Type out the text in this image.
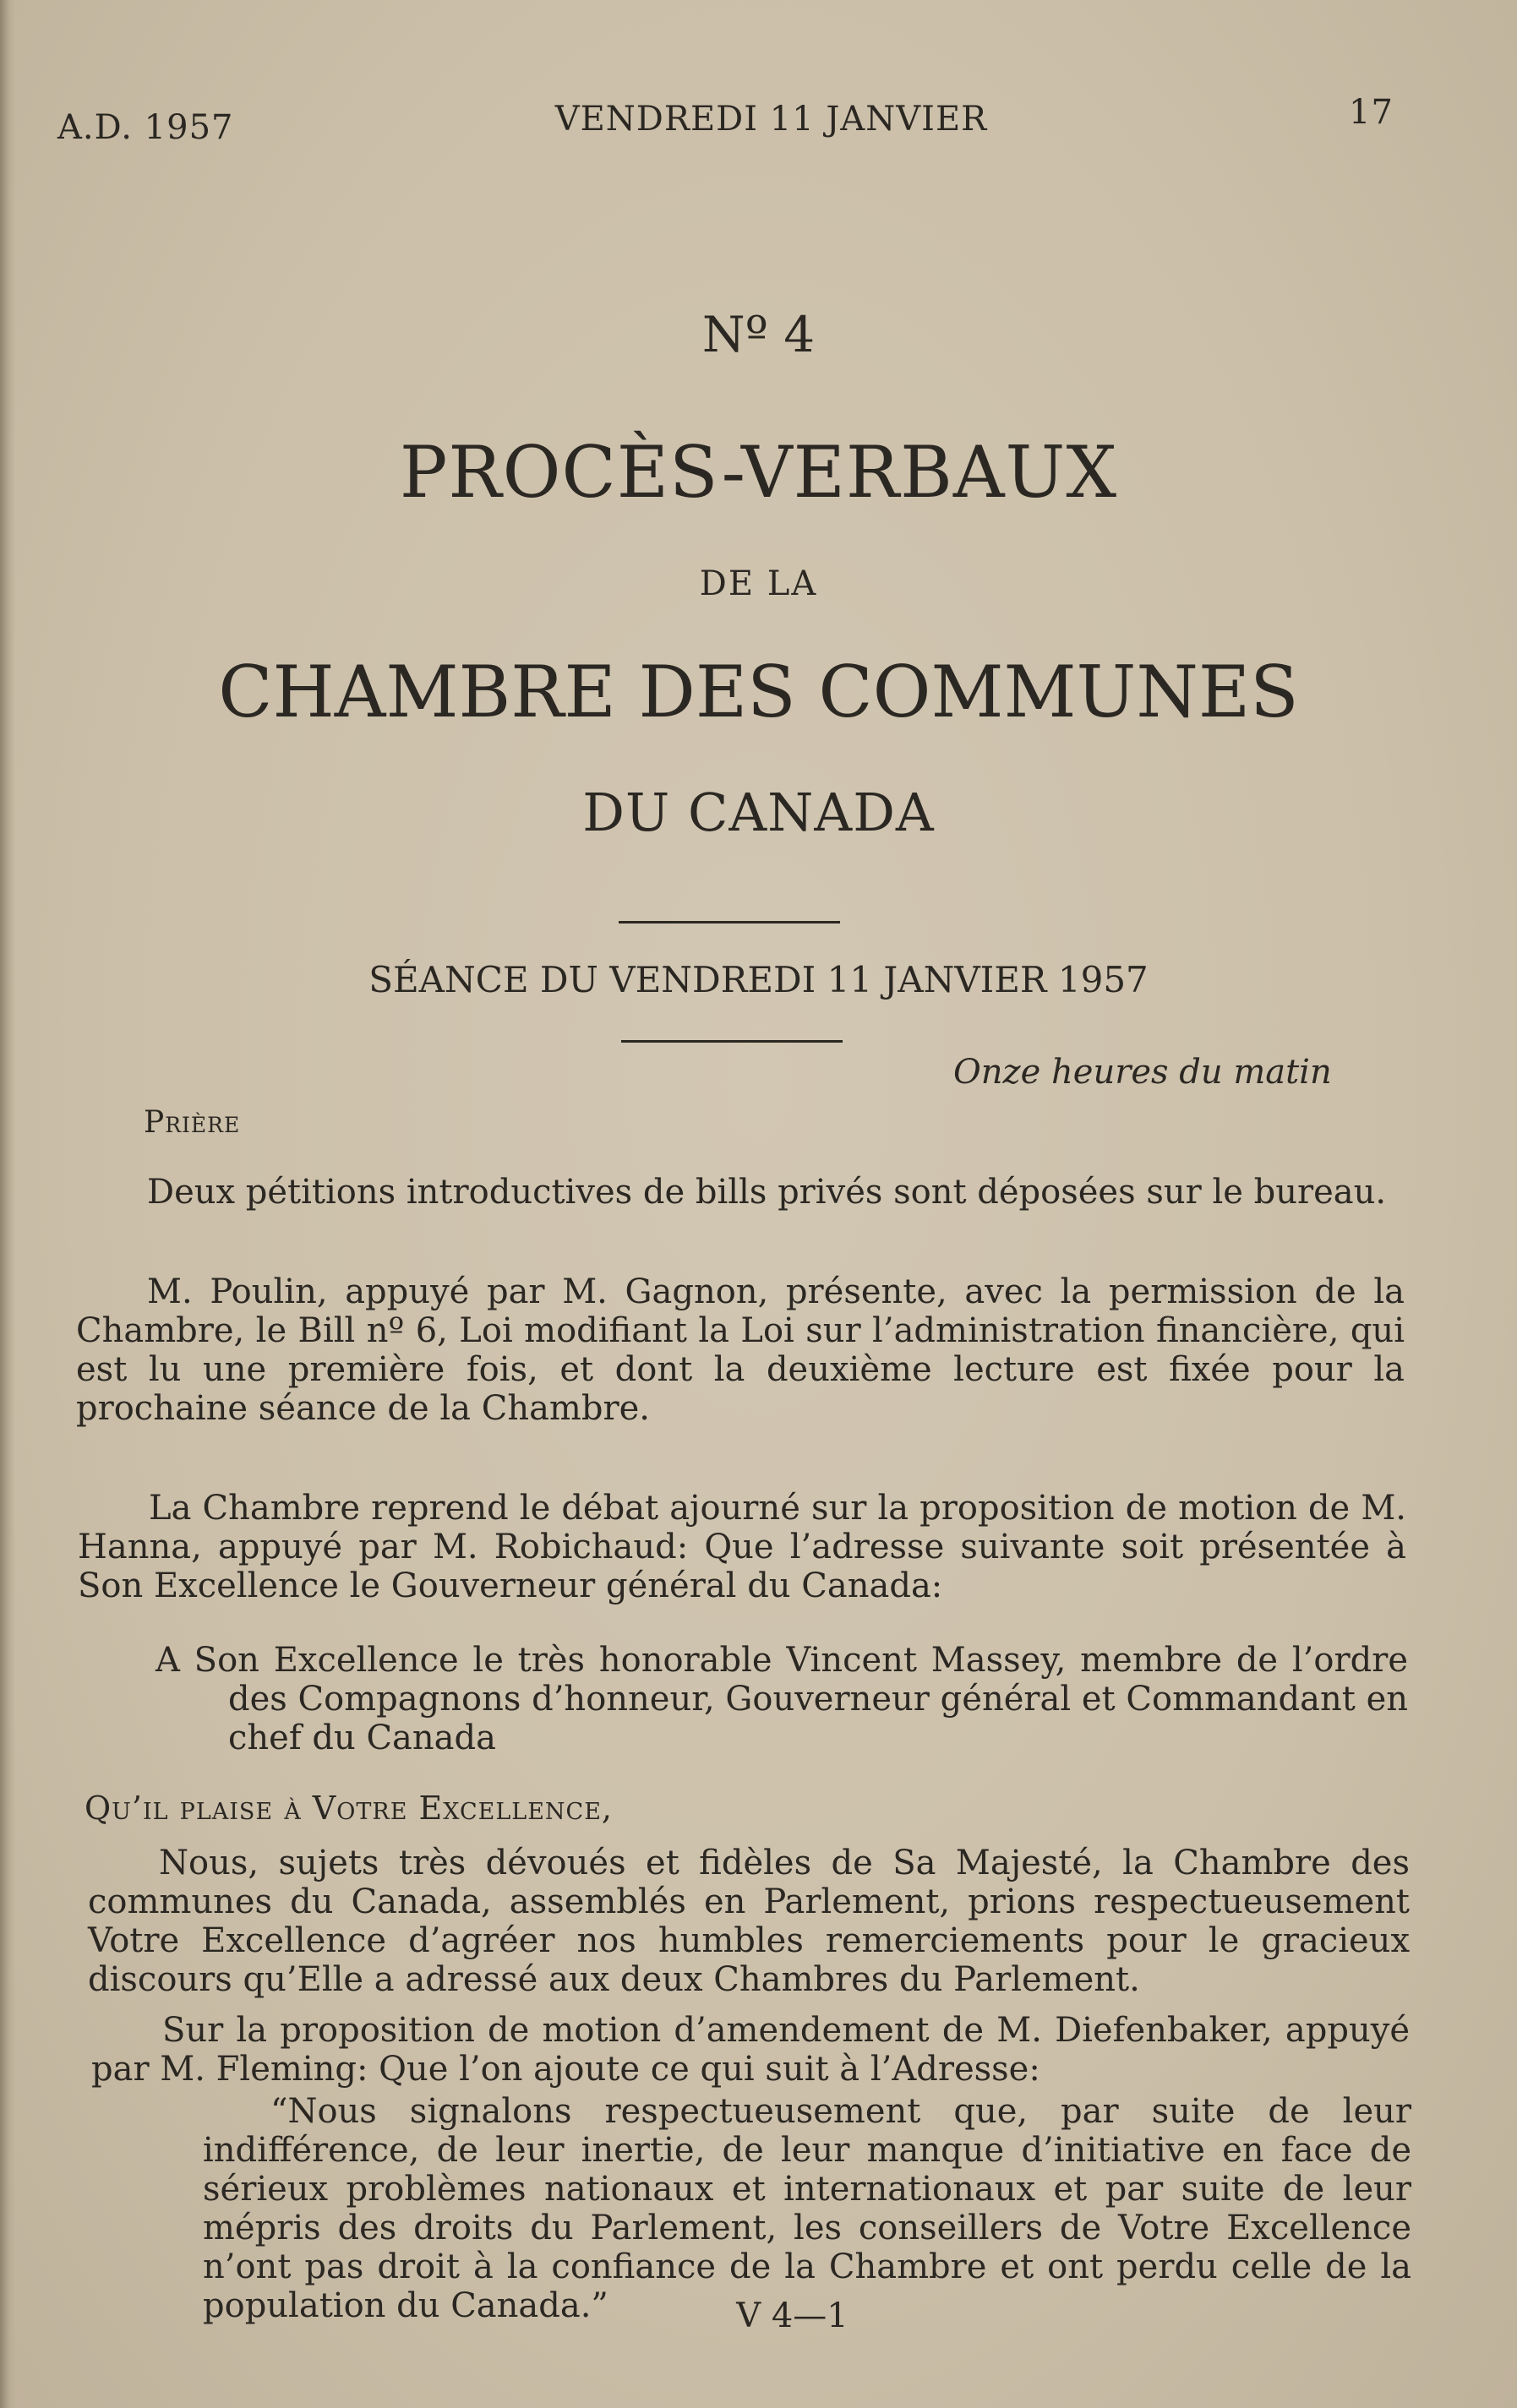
A.D. 1957	VENDREDI 11 JANVIER	17
Nº 4
PROCÈS-VERBAUX
DE LA
CHAMBRE DES COMMUNES
DU CANADA
SÉANCE DU VENDREDI 11 JANVIER 1957
Onze heures du matin
Prière
Deux pétitions introductives de bills privés sont déposées sur le bureau.
M. Poulin, appuyé par M. Gagnon, présente, avec la permission de la Chambre, le Bill nº 6, Loi modifiant la Loi sur l’administration financière, qui est lu une première fois, et dont la deuxième lecture est fixée pour la prochaine séance de la Chambre.
La Chambre reprend le débat ajourné sur la proposition de motion de M. Hanna, appuyé par M. Robichaud: Que l’adresse suivante soit présentée à Son Excellence le Gouverneur général du Canada:
A Son Excellence le très honorable Vincent Massey, membre de l’ordre des Compagnons d’honneur, Gouverneur général et Commandant en chef du Canada
Qu’il plaise à Votre Excellence,
Nous, sujets très dévoués et fidèles de Sa Majesté, la Chambre des communes du Canada, assemblés en Parlement, prions respectueusement Votre Excellence d’agréer nos humbles remerciements pour le gracieux discours qu’Elle a adressé aux deux Chambres du Parlement.
Sur la proposition de motion d’amendement de M. Diefenbaker, appuyé par M. Fleming: Que l’on ajoute ce qui suit à l’Adresse:
“Nous signalons respectueusement que, par suite de leur indifférence, de leur inertie, de leur manque d’initiative en face de sérieux problèmes nationaux et internationaux et par suite de leur mépris des droits du Parlement, les conseillers de Votre Excellence n’ont pas droit à la confiance de la Chambre et ont perdu celle de la population du Canada.”	V 4—1
